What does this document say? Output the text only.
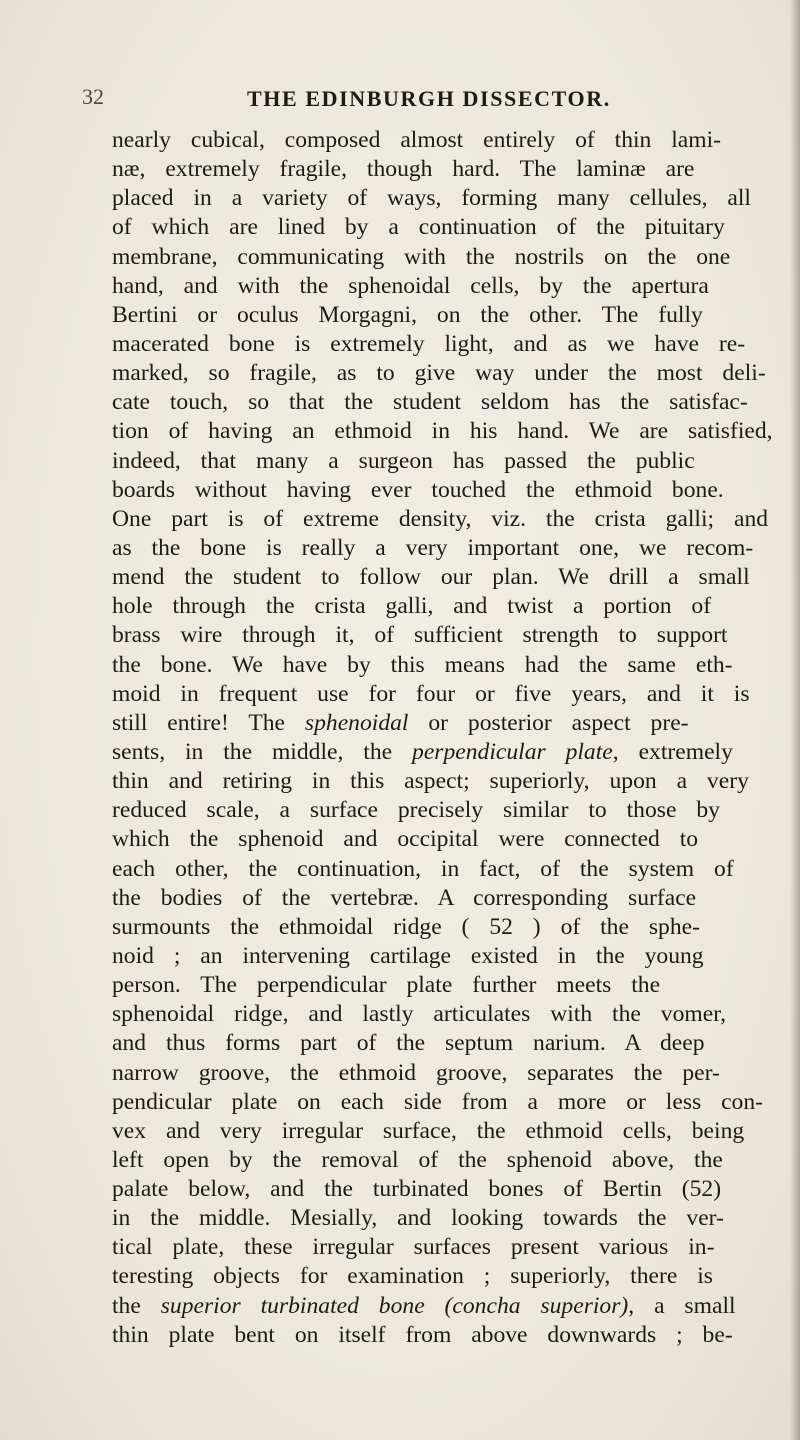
32	THE EDINBURGH DISSECTOR.
nearly cubical, composed almost entirely of thin lami-
næ, extremely fragile, though hard. The laminæ are
placed in a variety of ways, forming many cellules, all
of which are lined by a continuation of the pituitary
membrane, communicating with the nostrils on the one
hand, and with the sphenoidal cells, by the apertura
Bertini or oculus Morgagni, on the other. The fully
macerated bone is extremely light, and as we have re-
marked, so fragile, as to give way under the most deli-
cate touch, so that the student seldom has the satisfac-
tion of having an ethmoid in his hand. We are satisfied,
indeed, that many a surgeon has passed the public
boards without having ever touched the ethmoid bone.
One part is of extreme density, viz. the crista galli; and
as the bone is really a very important one, we recom-
mend the student to follow our plan. We drill a small
hole through the crista galli, and twist a portion of
brass wire through it, of sufficient strength to support
the bone. We have by this means had the same eth-
moid in frequent use for four or five years, and it is
still entire! The sphenoidal or posterior aspect pre-
sents, in the middle, the perpendicular plate, extremely
thin and retiring in this aspect; superiorly, upon a very
reduced scale, a surface precisely similar to those by
which the sphenoid and occipital were connected to
each other, the continuation, in fact, of the system of
the bodies of the vertebræ. A corresponding surface
surmounts the ethmoidal ridge ( 52 ) of the sphe-
noid ; an intervening cartilage existed in the young
person. The perpendicular plate further meets the
sphenoidal ridge, and lastly articulates with the vomer,
and thus forms part of the septum narium. A deep
narrow groove, the ethmoid groove, separates the per-
pendicular plate on each side from a more or less con-
vex and very irregular surface, the ethmoid cells, being
left open by the removal of the sphenoid above, the
palate below, and the turbinated bones of Bertin (52)
in the middle. Mesially, and looking towards the ver-
tical plate, these irregular surfaces present various in-
teresting objects for examination ; superiorly, there is
the superior turbinated bone (concha superior), a small
thin plate bent on itself from above downwards ; be-
